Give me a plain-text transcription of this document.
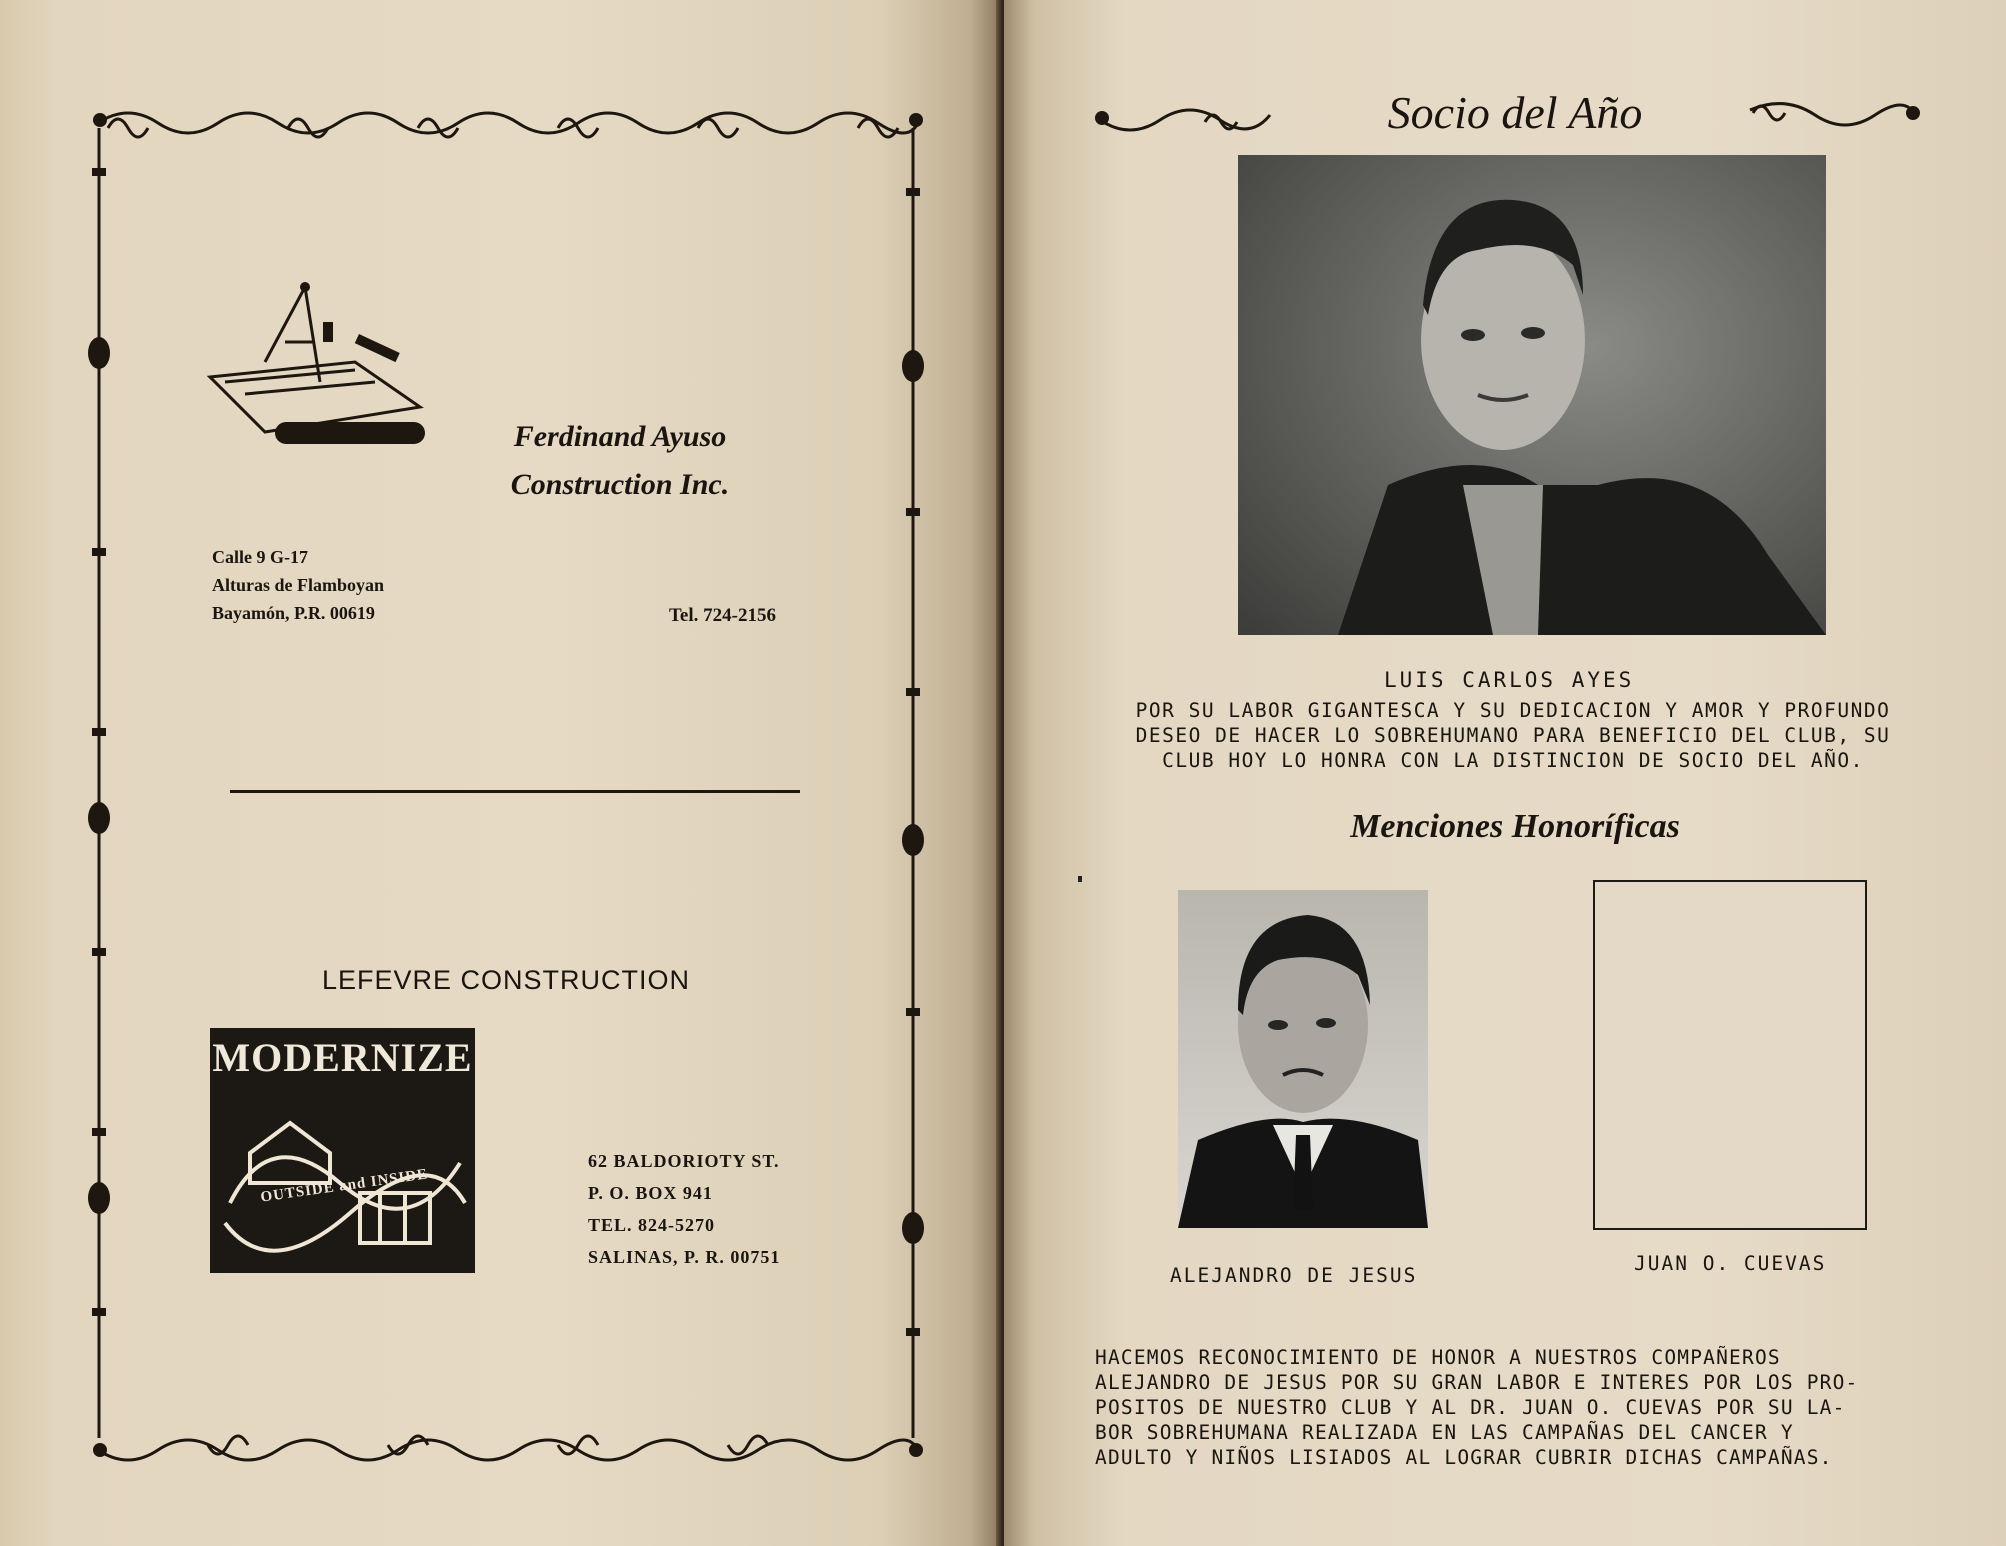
Ferdinand Ayuso
Construction Inc.
Calle 9 G-17
Alturas de Flamboyan
Bayamón, P.R. 00619	Tel. 724-2156
LEFEVRE CONSTRUCTION
MODERNIZE
OUTSIDE and INSIDE
62 BALDORIOTY ST.
P. O. BOX 941
TEL. 824-5270
SALINAS, P. R. 00751
Socio del Año
LUIS CARLOS AYES
POR SU LABOR GIGANTESCA Y SU DEDICACION Y AMOR Y PROFUNDO
DESEO DE HACER LO SOBREHUMANO PARA BENEFICIO DEL CLUB, SU
CLUB HOY LO HONRA CON LA DISTINCION DE SOCIO DEL AÑO.
Menciones Honoríficas
ALEJANDRO DE JESUS
JUAN O. CUEVAS
HACEMOS RECONOCIMIENTO DE HONOR A NUESTROS COMPAÑEROS
ALEJANDRO DE JESUS POR SU GRAN LABOR E INTERES POR LOS PRO-
POSITOS DE NUESTRO CLUB Y AL DR. JUAN O. CUEVAS POR SU LA-
BOR SOBREHUMANA REALIZADA EN LAS CAMPAÑAS DEL CANCER Y
ADULTO Y NIÑOS LISIADOS AL LOGRAR CUBRIR DICHAS CAMPAÑAS.
